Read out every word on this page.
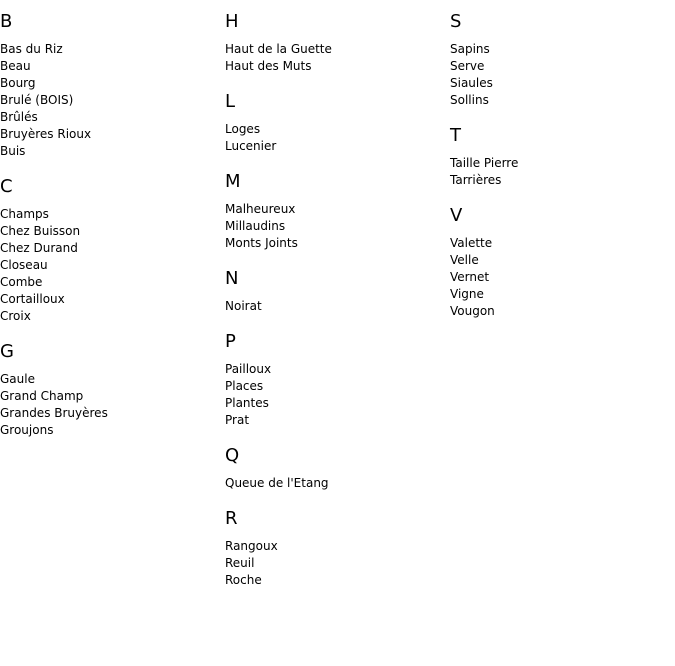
B
Bas du Riz
Beau
Bourg
Brulé (BOIS)
Brûlés
Bruyères Rioux
Buis
C
Champs
Chez Buisson
Chez Durand
Closeau
Combe
Cortailloux
Croix
G
Gaule
Grand Champ
Grandes Bruyères
Groujons
H
Haut de la Guette
Haut des Muts
L
Loges
Lucenier
M
Malheureux
Millaudins
Monts Joints
N
Noirat
P
Pailloux
Places
Plantes
Prat
Q
Queue de l'Etang
R
Rangoux
Reuil
Roche
S
Sapins
Serve
Siaules
Sollins
T
Taille Pierre
Tarrières
V
Valette
Velle
Vernet
Vigne
Vougon
